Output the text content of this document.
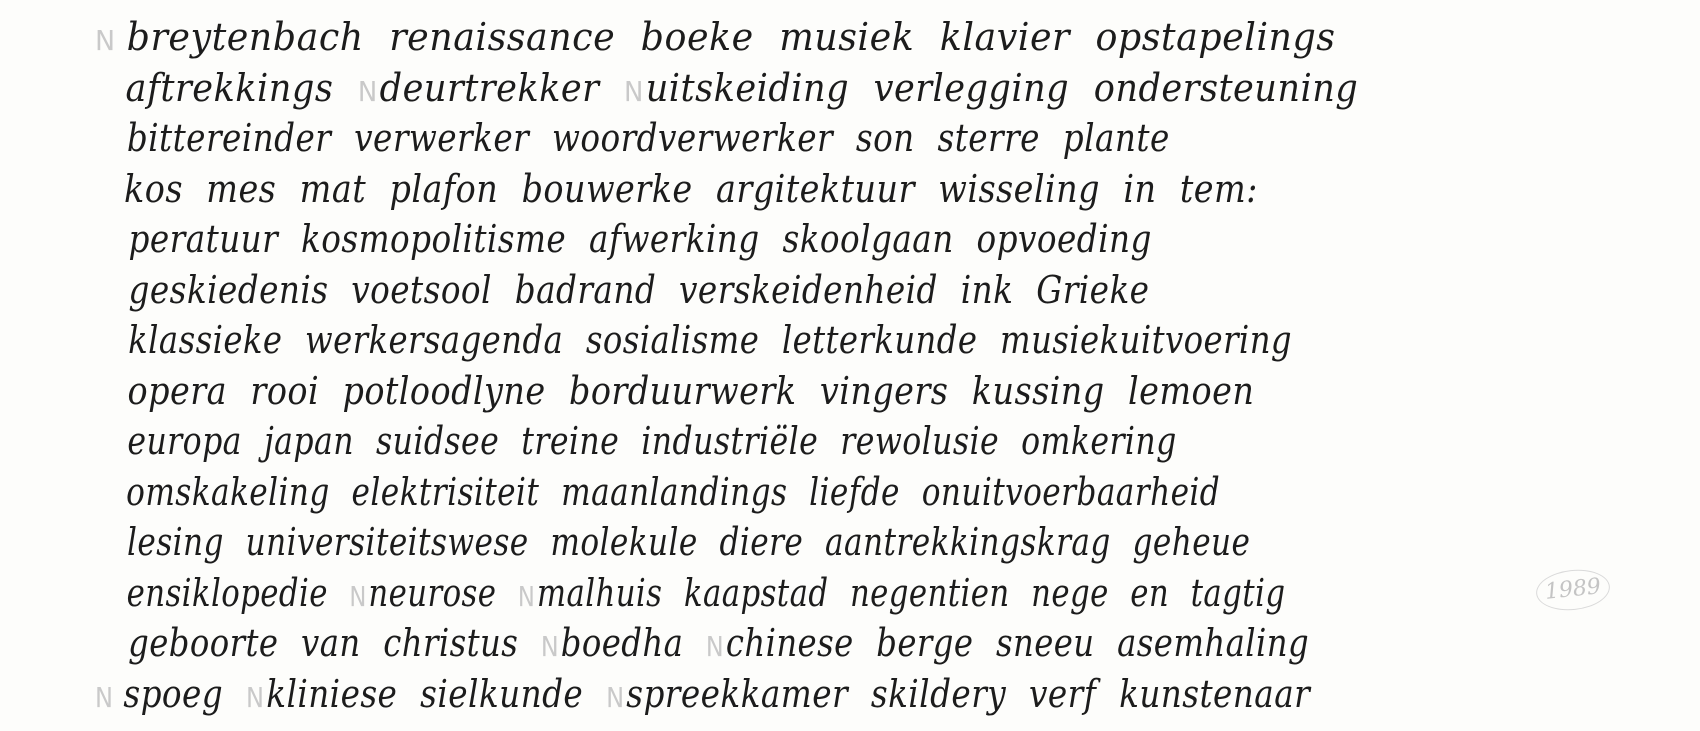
N breytenbach renaissance boeke musiek klavier opstapelings
aftrekkings Ndeurtrekker Nuitskeiding verlegging ondersteuning
bittereinder verwerker woordverwerker son sterre plante
kos mes mat plafon bouwerke argitektuur wisseling in tem:
peratuur kosmopolitisme afwerking skoolgaan opvoeding
geskiedenis voetsool badrand verskeidenheid ink Grieke
klassieke werkersagenda sosialisme letterkunde musiekuitvoering
opera rooi potloodlyne borduurwerk vingers kussing lemoen
europa japan suidsee treine industriële rewolusie omkering
omskakeling elektrisiteit maanlandings liefde onuitvoerbaarheid
lesing universiteitswese molekule diere aantrekkingskrag geheue
ensiklopedie Nneurose Nmalhuis kaapstad negentien nege en tagtig
geboorte van christus Nboedha Nchinese berge sneeu asemhaling
N spoeg Nkliniese sielkunde Nspreekkamer skildery verf kunstenaar
1989
